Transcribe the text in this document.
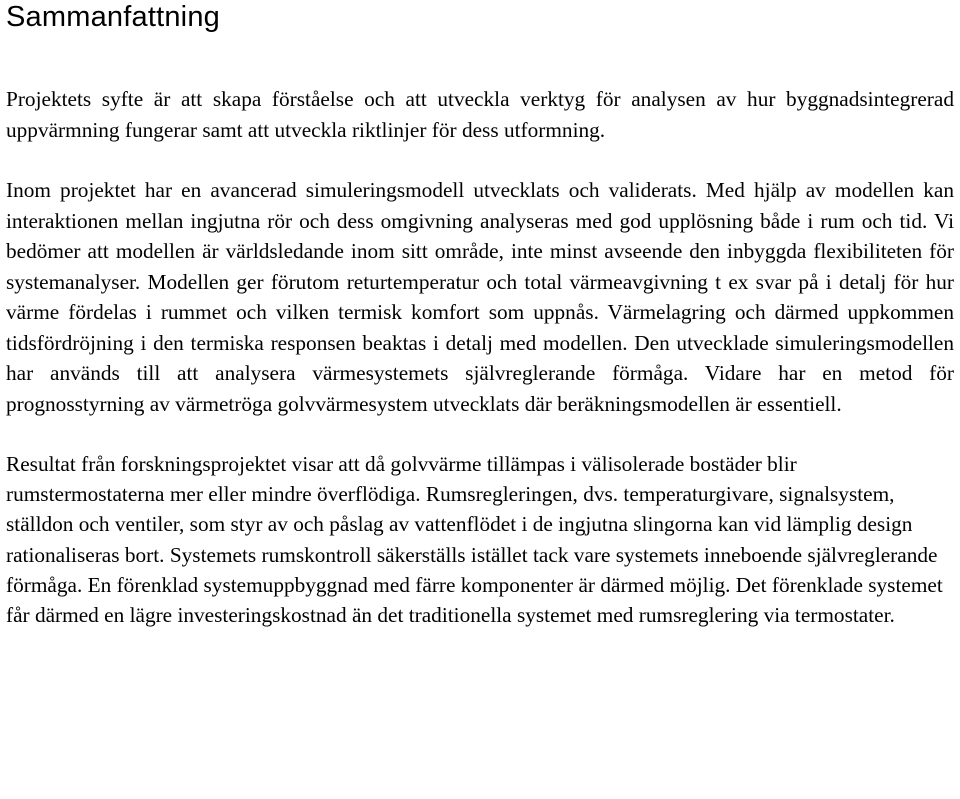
Sammanfattning

Projektets syfte är att skapa förståelse och att utveckla verktyg för analysen av hur byggnadsintegrerad uppvärmning fungerar samt att utveckla riktlinjer för dess utformning.

Inom projektet har en avancerad simuleringsmodell utvecklats och validerats. Med hjälp av modellen kan interaktionen mellan ingjutna rör och dess omgivning analyseras med god upplösning både i rum och tid. Vi bedömer att modellen är världsledande inom sitt område, inte minst avseende den inbyggda flexibiliteten för systemanalyser. Modellen ger förutom returtemperatur och total värmeavgivning t ex svar på i detalj för hur värme fördelas i rummet och vilken termisk komfort som uppnås. Värmelagring och därmed uppkommen tidsfördröjning i den termiska responsen beaktas i detalj med modellen. Den utvecklade simuleringsmodellen har används till att analysera värmesystemets självreglerande förmåga. Vidare har en metod för prognosstyrning av värmetröga golvvärmesystem utvecklats där beräkningsmodellen är essentiell.

Resultat från forskningsprojektet visar att då golvvärme tillämpas i välisolerade bostäder blir rumstermostaterna mer eller mindre överflödiga. Rumsregleringen, dvs. temperaturgivare, signalsystem, ställdon och ventiler, som styr av och påslag av vattenflödet i de ingjutna slingorna kan vid lämplig design rationaliseras bort. Systemets rumskontroll säkerställs istället tack vare systemets inneboende självreglerande förmåga. En förenklad systemuppbyggnad med färre komponenter är därmed möjlig. Det förenklade systemet får därmed en lägre investeringskostnad än det traditionella systemet med rumsreglering via termostater.
